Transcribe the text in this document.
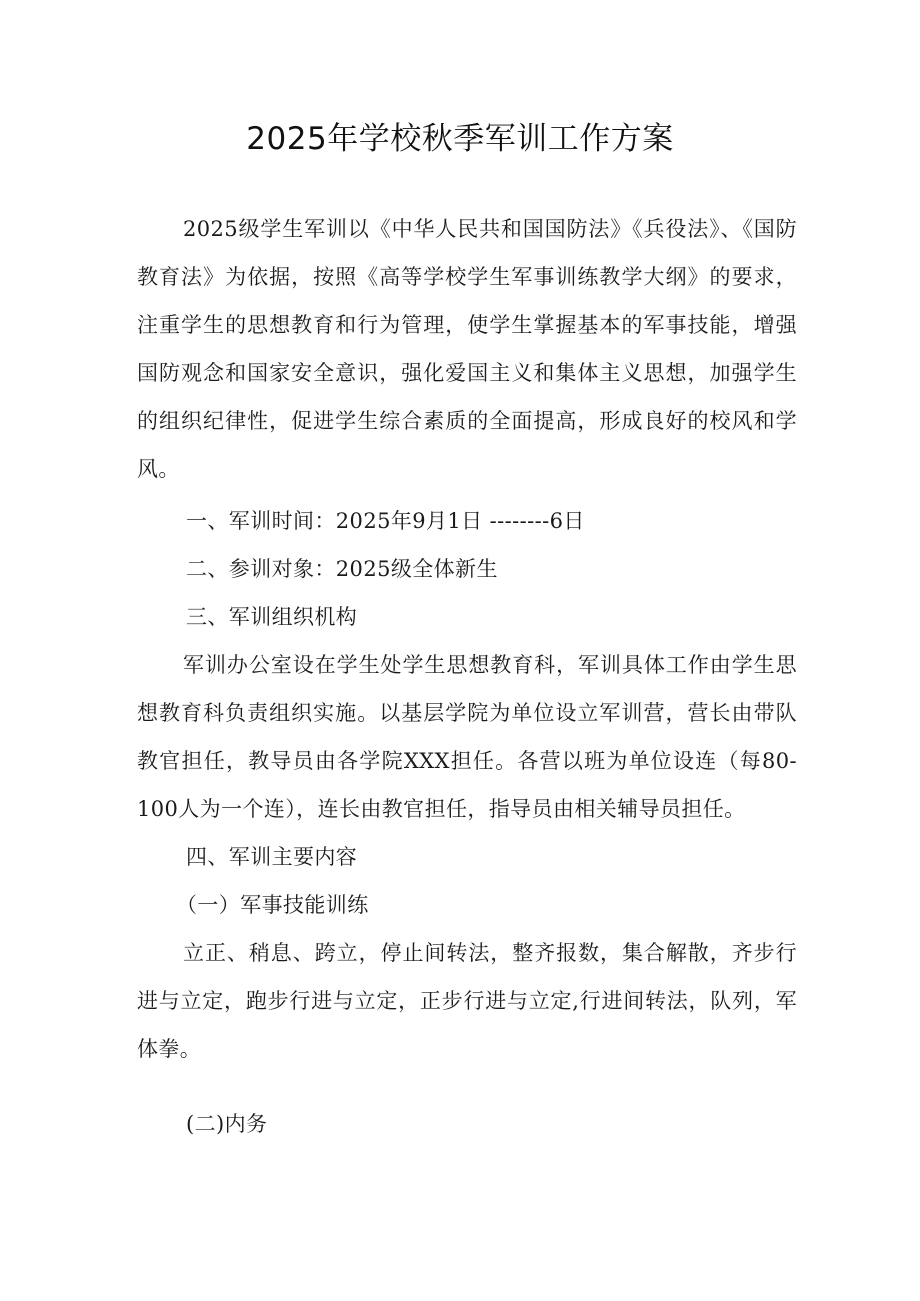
2025年学校秋季军训工作方案

2025级学生军训以《中华人民共和国国防法》《兵役法》、《国防教育法》为依据，按照《高等学校学生军事训练教学大纲》的要求，注重学生的思想教育和行为管理，使学生掌握基本的军事技能，增强国防观念和国家安全意识，强化爱国主义和集体主义思想，加强学生的组织纪律性，促进学生综合素质的全面提高，形成良好的校风和学风。

一、军训时间：2025年9月1日 --------6日

二、参训对象：2025级全体新生

三、军训组织机构

军训办公室设在学生处学生思想教育科，军训具体工作由学生思想教育科负责组织实施。以基层学院为单位设立军训营，营长由带队教官担任，教导员由各学院XXX担任。各营以班为单位设连（每80-100人为一个连），连长由教官担任，指导员由相关辅导员担任。

四、军训主要内容

（一）军事技能训练

立正、稍息、跨立，停止间转法，整齐报数，集合解散，齐步行进与立定，跑步行进与立定，正步行进与立定,行进间转法，队列，军体拳。

(二)内务
